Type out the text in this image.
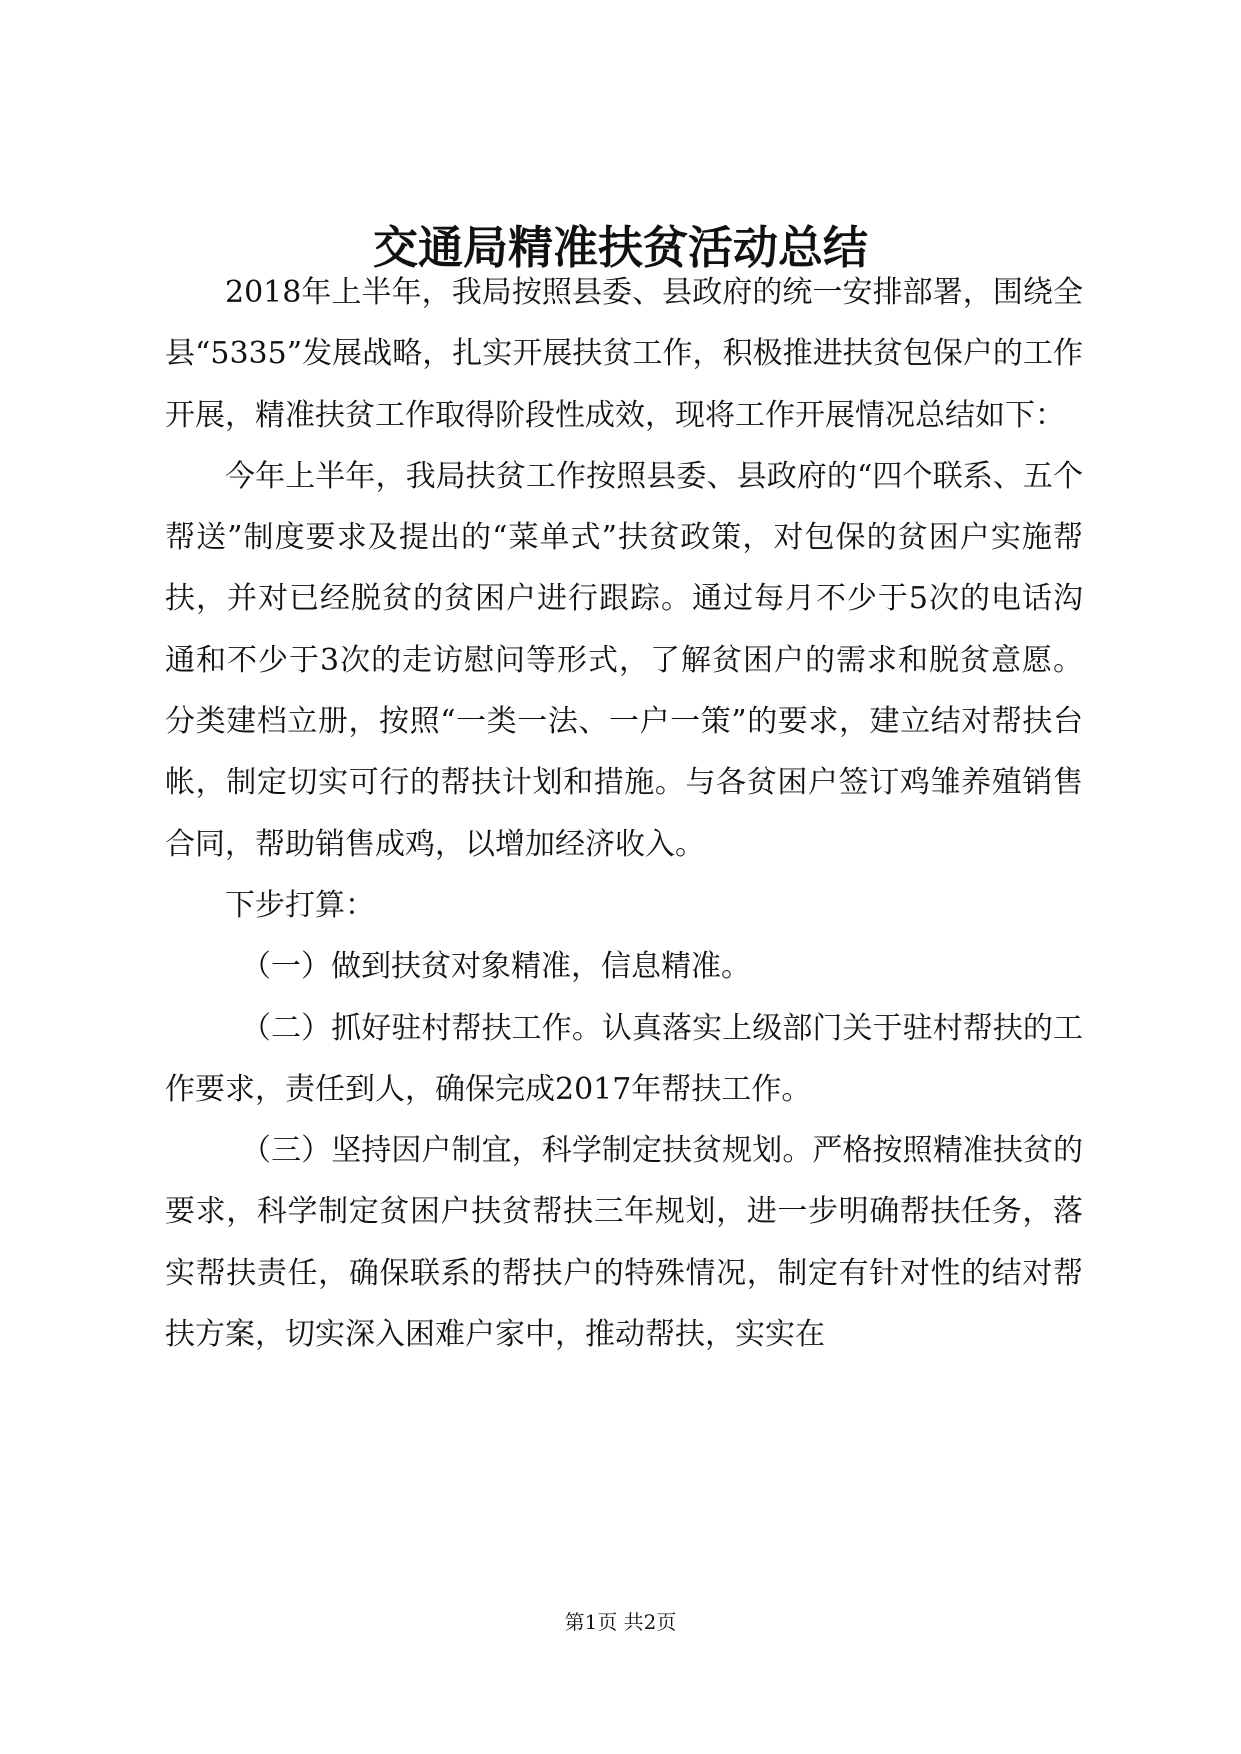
交通局精准扶贫活动总结

2018年上半年，我局按照县委、县政府的统一安排部署，围绕全县“5335”发展战略，扎实开展扶贫工作，积极推进扶贫包保户的工作开展，精准扶贫工作取得阶段性成效，现将工作开展情况总结如下：

今年上半年，我局扶贫工作按照县委、县政府的“四个联系、五个帮送”制度要求及提出的“菜单式”扶贫政策，对包保的贫困户实施帮扶，并对已经脱贫的贫困户进行跟踪。通过每月不少于5次的电话沟通和不少于3次的走访慰问等形式，了解贫困户的需求和脱贫意愿。分类建档立册，按照“一类一法、一户一策”的要求，建立结对帮扶台帐，制定切实可行的帮扶计划和措施。与各贫困户签订鸡雏养殖销售合同，帮助销售成鸡，以增加经济收入。

下步打算：

（一）做到扶贫对象精准，信息精准。

（二）抓好驻村帮扶工作。认真落实上级部门关于驻村帮扶的工作要求，责任到人，确保完成2017年帮扶工作。

（三）坚持因户制宜，科学制定扶贫规划。严格按照精准扶贫的要求，科学制定贫困户扶贫帮扶三年规划，进一步明确帮扶任务，落实帮扶责任，确保联系的帮扶户的特殊情况，制定有针对性的结对帮扶方案，切实深入困难户家中，推动帮扶，实实在

第1页 共2页
